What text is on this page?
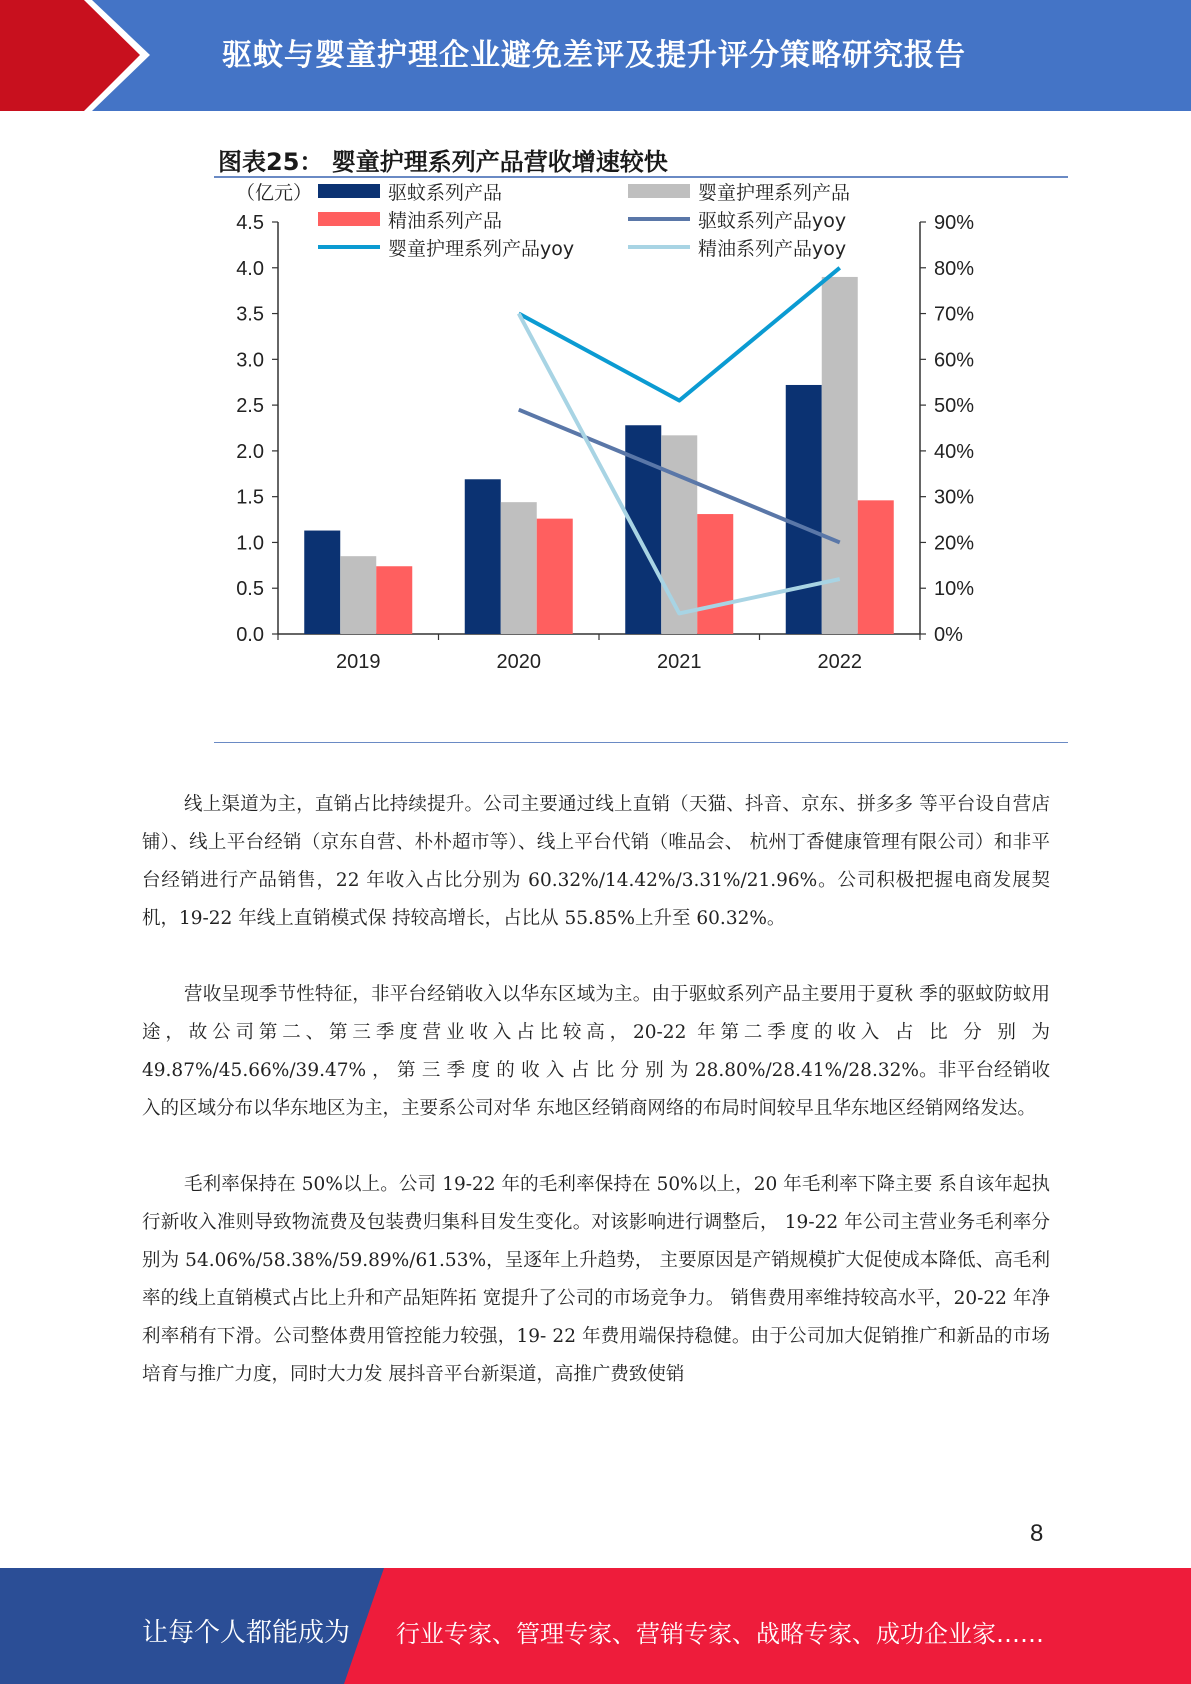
驱蚊与婴童护理企业避免差评及提升评分策略研究报告
图表25： 婴童护理系列产品营收增速较快
0.0
0.5
1.0
1.5
2.0
2.5
3.0
3.5
4.0
4.5
0%
10%
20%
30%
40%
50%
60%
70%
80%
90%
2019	2020	2021	2022
驱蚊系列产品	婴童护理系列产品
精油系列产品	驱蚊系列产品yoy
婴童护理系列产品yoy	精油系列产品yoy
（亿元）

线上渠道为主，直销占比持续提升。公司主要通过线上直销（天猫、抖音、京东、拼多多 等平台设自营店铺）、线上平台经销（京东自营、朴朴超市等）、线上平台代销（唯品会、 杭州丁香健康管理有限公司）和非平台经销进行产品销售，22 年收入占比分别为 60.32%/14.42%/3.31%/21.96%。公司积极把握电商发展契机，19-22 年线上直销模式保 持较高增长，占比从 55.85%上升至 60.32%。

营收呈现季节性特征，非平台经销收入以华东区域为主。由于驱蚊系列产品主要用于夏秋 季的驱蚊防蚊用途，故公司第二、第三季度营业收入占比较高，20-22 年第二季度的收入 占 比 分 别 为 49.87%/45.66%/39.47% ， 第 三 季 度 的 收 入 占 比 分 别 为 28.80%/28.41%/28.32%。非平台经销收入的区域分布以华东地区为主，主要系公司对华 东地区经销商网络的布局时间较早且华东地区经销网络发达。

毛利率保持在 50%以上。公司 19-22 年的毛利率保持在 50%以上，20 年毛利率下降主要 系自该年起执行新收入准则导致物流费及包装费归集科目发生变化。对该影响进行调整后， 19-22 年公司主营业务毛利率分别为 54.06%/58.38%/59.89%/61.53%，呈逐年上升趋势， 主要原因是产销规模扩大促使成本降低、高毛利率的线上直销模式占比上升和产品矩阵拓 宽提升了公司的市场竞争力。 销售费用率维持较高水平，20-22 年净利率稍有下滑。公司整体费用管控能力较强，19- 22 年费用端保持稳健。由于公司加大促销推广和新品的市场培育与推广力度，同时大力发 展抖音平台新渠道，高推广费致使销

8
让每个人都能成为 行业专家、管理专家、营销专家、战略专家、成功企业家……
